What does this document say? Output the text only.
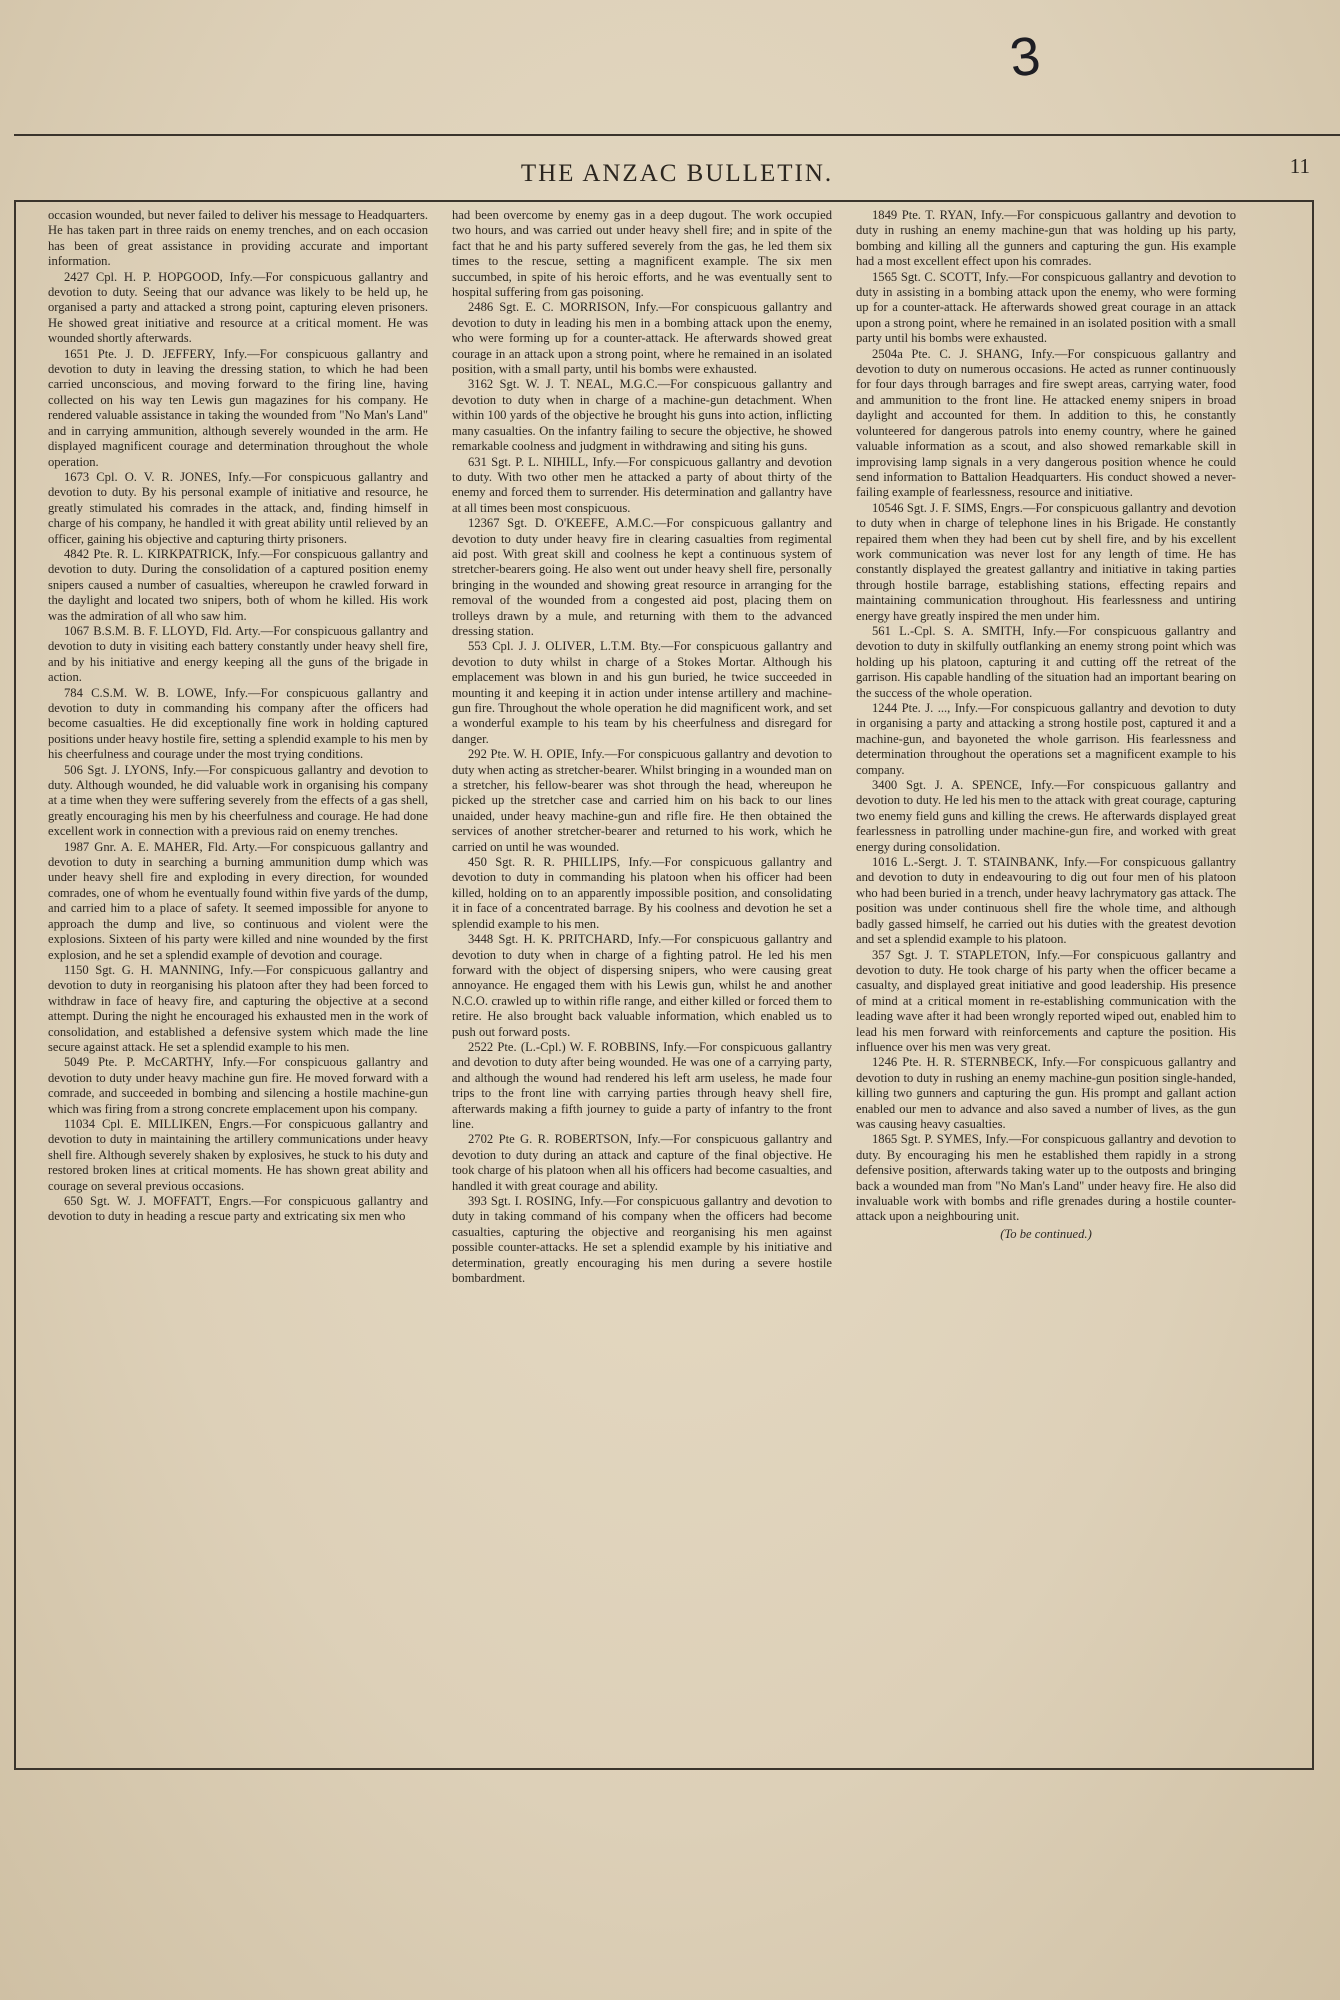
3
THE ANZAC BULLETIN.	11

occasion wounded, but never failed to deliver his message to Headquarters. He has taken part in three raids on enemy trenches, and on each occasion has been of great assistance in providing accurate and important information.

2427 Cpl. H. P. HOPGOOD, Infy.—For conspicuous gallantry and devotion to duty. Seeing that our advance was likely to be held up, he organised a party and attacked a strong point, capturing eleven prisoners. He showed great initiative and resource at a critical moment. He was wounded shortly afterwards.

1651 Pte. J. D. JEFFERY, Infy.—For conspicuous gallantry and devotion to duty in leaving the dressing station, to which he had been carried unconscious, and moving forward to the firing line, having collected on his way ten Lewis gun magazines for his company. He rendered valuable assistance in taking the wounded from "No Man's Land" and in carrying ammunition, although severely wounded in the arm. He displayed magnificent courage and determination throughout the whole operation.

1673 Cpl. O. V. R. JONES, Infy.—For conspicuous gallantry and devotion to duty. By his personal example of initiative and resource, he greatly stimulated his comrades in the attack, and, finding himself in charge of his company, he handled it with great ability until relieved by an officer, gaining his objective and capturing thirty prisoners.

4842 Pte. R. L. KIRKPATRICK, Infy.—For conspicuous gallantry and devotion to duty. During the consolidation of a captured position enemy snipers caused a number of casualties, whereupon he crawled forward in the daylight and located two snipers, both of whom he killed. His work was the admiration of all who saw him.

1067 B.S.M. B. F. LLOYD, Fld. Arty.—For conspicuous gallantry and devotion to duty in visiting each battery constantly under heavy shell fire, and by his initiative and energy keeping all the guns of the brigade in action.

784 C.S.M. W. B. LOWE, Infy.—For conspicuous gallantry and devotion to duty in commanding his company after the officers had become casualties. He did exceptionally fine work in holding captured positions under heavy hostile fire, setting a splendid example to his men by his cheerfulness and courage under the most trying conditions.

506 Sgt. J. LYONS, Infy.—For conspicuous gallantry and devotion to duty. Although wounded, he did valuable work in organising his company at a time when they were suffering severely from the effects of a gas shell, greatly encouraging his men by his cheerfulness and courage. He had done excellent work in connection with a previous raid on enemy trenches.

1987 Gnr. A. E. MAHER, Fld. Arty.—For conspicuous gallantry and devotion to duty in searching a burning ammunition dump which was under heavy shell fire and exploding in every direction, for wounded comrades, one of whom he eventually found within five yards of the dump, and carried him to a place of safety. It seemed impossible for anyone to approach the dump and live, so continuous and violent were the explosions. Sixteen of his party were killed and nine wounded by the first explosion, and he set a splendid example of devotion and courage.

1150 Sgt. G. H. MANNING, Infy.—For conspicuous gallantry and devotion to duty in reorganising his platoon after they had been forced to withdraw in face of heavy fire, and capturing the objective at a second attempt. During the night he encouraged his exhausted men in the work of consolidation, and established a defensive system which made the line secure against attack. He set a splendid example to his men.

5049 Pte. P. McCARTHY, Infy.—For conspicuous gallantry and devotion to duty under heavy machine gun fire. He moved forward with a comrade, and succeeded in bombing and silencing a hostile machine-gun which was firing from a strong concrete emplacement upon his company.

11034 Cpl. E. MILLIKEN, Engrs.—For conspicuous gallantry and devotion to duty in maintaining the artillery communications under heavy shell fire. Although severely shaken by explosives, he stuck to his duty and restored broken lines at critical moments. He has shown great ability and courage on several previous occasions.

650 Sgt. W. J. MOFFATT, Engrs.—For conspicuous gallantry and devotion to duty in heading a rescue party and extricating six men who

had been overcome by enemy gas in a deep dugout. The work occupied two hours, and was carried out under heavy shell fire; and in spite of the fact that he and his party suffered severely from the gas, he led them six times to the rescue, setting a magnificent example. The six men succumbed, in spite of his heroic efforts, and he was eventually sent to hospital suffering from gas poisoning.

2486 Sgt. E. C. MORRISON, Infy.—For conspicuous gallantry and devotion to duty in leading his men in a bombing attack upon the enemy, who were forming up for a counter-attack. He afterwards showed great courage in an attack upon a strong point, where he remained in an isolated position, with a small party, until his bombs were exhausted.

3162 Sgt. W. J. T. NEAL, M.G.C.—For conspicuous gallantry and devotion to duty when in charge of a machine-gun detachment. When within 100 yards of the objective he brought his guns into action, inflicting many casualties. On the infantry failing to secure the objective, he showed remarkable coolness and judgment in withdrawing and siting his guns.

631 Sgt. P. L. NIHILL, Infy.—For conspicuous gallantry and devotion to duty. With two other men he attacked a party of about thirty of the enemy and forced them to surrender. His determination and gallantry have at all times been most conspicuous.

12367 Sgt. D. O'KEEFE, A.M.C.—For conspicuous gallantry and devotion to duty under heavy fire in clearing casualties from regimental aid post. With great skill and coolness he kept a continuous system of stretcher-bearers going. He also went out under heavy shell fire, personally bringing in the wounded and showing great resource in arranging for the removal of the wounded from a congested aid post, placing them on trolleys drawn by a mule, and returning with them to the advanced dressing station.

553 Cpl. J. J. OLIVER, L.T.M. Bty.—For conspicuous gallantry and devotion to duty whilst in charge of a Stokes Mortar. Although his emplacement was blown in and his gun buried, he twice succeeded in mounting it and keeping it in action under intense artillery and machine-gun fire. Throughout the whole operation he did magnificent work, and set a wonderful example to his team by his cheerfulness and disregard for danger.

292 Pte. W. H. OPIE, Infy.—For conspicuous gallantry and devotion to duty when acting as stretcher-bearer. Whilst bringing in a wounded man on a stretcher, his fellow-bearer was shot through the head, whereupon he picked up the stretcher case and carried him on his back to our lines unaided, under heavy machine-gun and rifle fire. He then obtained the services of another stretcher-bearer and returned to his work, which he carried on until he was wounded.

450 Sgt. R. R. PHILLIPS, Infy.—For conspicuous gallantry and devotion to duty in commanding his platoon when his officer had been killed, holding on to an apparently impossible position, and consolidating it in face of a concentrated barrage. By his coolness and devotion he set a splendid example to his men.

3448 Sgt. H. K. PRITCHARD, Infy.—For conspicuous gallantry and devotion to duty when in charge of a fighting patrol. He led his men forward with the object of dispersing snipers, who were causing great annoyance. He engaged them with his Lewis gun, whilst he and another N.C.O. crawled up to within rifle range, and either killed or forced them to retire. He also brought back valuable information, which enabled us to push out forward posts.

2522 Pte. (L.-Cpl.) W. F. ROBBINS, Infy.—For conspicuous gallantry and devotion to duty after being wounded. He was one of a carrying party, and although the wound had rendered his left arm useless, he made four trips to the front line with carrying parties through heavy shell fire, afterwards making a fifth journey to guide a party of infantry to the front line.

2702 Pte G. R. ROBERTSON, Infy.—For conspicuous gallantry and devotion to duty during an attack and capture of the final objective. He took charge of his platoon when all his officers had become casualties, and handled it with great courage and ability.

393 Sgt. I. ROSING, Infy.—For conspicuous gallantry and devotion to duty in taking command of his company when the officers had become casualties, capturing the objective and reorganising his men against possible counter-attacks. He set a splendid example by his initiative and determination, greatly encouraging his men during a severe hostile bombardment.

1849 Pte. T. RYAN, Infy.—For conspicuous gallantry and devotion to duty in rushing an enemy machine-gun that was holding up his party, bombing and killing all the gunners and capturing the gun. His example had a most excellent effect upon his comrades.

1565 Sgt. C. SCOTT, Infy.—For conspicuous gallantry and devotion to duty in assisting in a bombing attack upon the enemy, who were forming up for a counter-attack. He afterwards showed great courage in an attack upon a strong point, where he remained in an isolated position with a small party until his bombs were exhausted.

2504a Pte. C. J. SHANG, Infy.—For conspicuous gallantry and devotion to duty on numerous occasions. He acted as runner continuously for four days through barrages and fire swept areas, carrying water, food and ammunition to the front line. He attacked enemy snipers in broad daylight and accounted for them. In addition to this, he constantly volunteered for dangerous patrols into enemy country, where he gained valuable information as a scout, and also showed remarkable skill in improvising lamp signals in a very dangerous position whence he could send information to Battalion Headquarters. His conduct showed a never-failing example of fearlessness, resource and initiative.

10546 Sgt. J. F. SIMS, Engrs.—For conspicuous gallantry and devotion to duty when in charge of telephone lines in his Brigade. He constantly repaired them when they had been cut by shell fire, and by his excellent work communication was never lost for any length of time. He has constantly displayed the greatest gallantry and initiative in taking parties through hostile barrage, establishing stations, effecting repairs and maintaining communication throughout. His fearlessness and untiring energy have greatly inspired the men under him.

561 L.-Cpl. S. A. SMITH, Infy.—For conspicuous gallantry and devotion to duty in skilfully outflanking an enemy strong point which was holding up his platoon, capturing it and cutting off the retreat of the garrison. His capable handling of the situation had an important bearing on the success of the whole operation.

1244 Pte. J. ..., Infy.—For conspicuous gallantry and devotion to duty in organising a party and attacking a strong hostile post, captured it and a machine-gun, and bayoneted the whole garrison. His fearlessness and determination throughout the operations set a magnificent example to his company.

3400 Sgt. J. A. SPENCE, Infy.—For conspicuous gallantry and devotion to duty. He led his men to the attack with great courage, capturing two enemy field guns and killing the crews. He afterwards displayed great fearlessness in patrolling under machine-gun fire, and worked with great energy during consolidation.

1016 L.-Sergt. J. T. STAINBANK, Infy.—For conspicuous gallantry and devotion to duty in endeavouring to dig out four men of his platoon who had been buried in a trench, under heavy lachrymatory gas attack. The position was under continuous shell fire the whole time, and although badly gassed himself, he carried out his duties with the greatest devotion and set a splendid example to his platoon.

357 Sgt. J. T. STAPLETON, Infy.—For conspicuous gallantry and devotion to duty. He took charge of his party when the officer became a casualty, and displayed great initiative and good leadership. His presence of mind at a critical moment in re-establishing communication with the leading wave after it had been wrongly reported wiped out, enabled him to lead his men forward with reinforcements and capture the position. His influence over his men was very great.

1246 Pte. H. R. STERNBECK, Infy.—For conspicuous gallantry and devotion to duty in rushing an enemy machine-gun position single-handed, killing two gunners and capturing the gun. His prompt and gallant action enabled our men to advance and also saved a number of lives, as the gun was causing heavy casualties.

1865 Sgt. P. SYMES, Infy.—For conspicuous gallantry and devotion to duty. By encouraging his men he established them rapidly in a strong defensive position, afterwards taking water up to the outposts and bringing back a wounded man from "No Man's Land" under heavy fire. He also did invaluable work with bombs and rifle grenades during a hostile counter-attack upon a neighbouring unit.

(To be continued.)
